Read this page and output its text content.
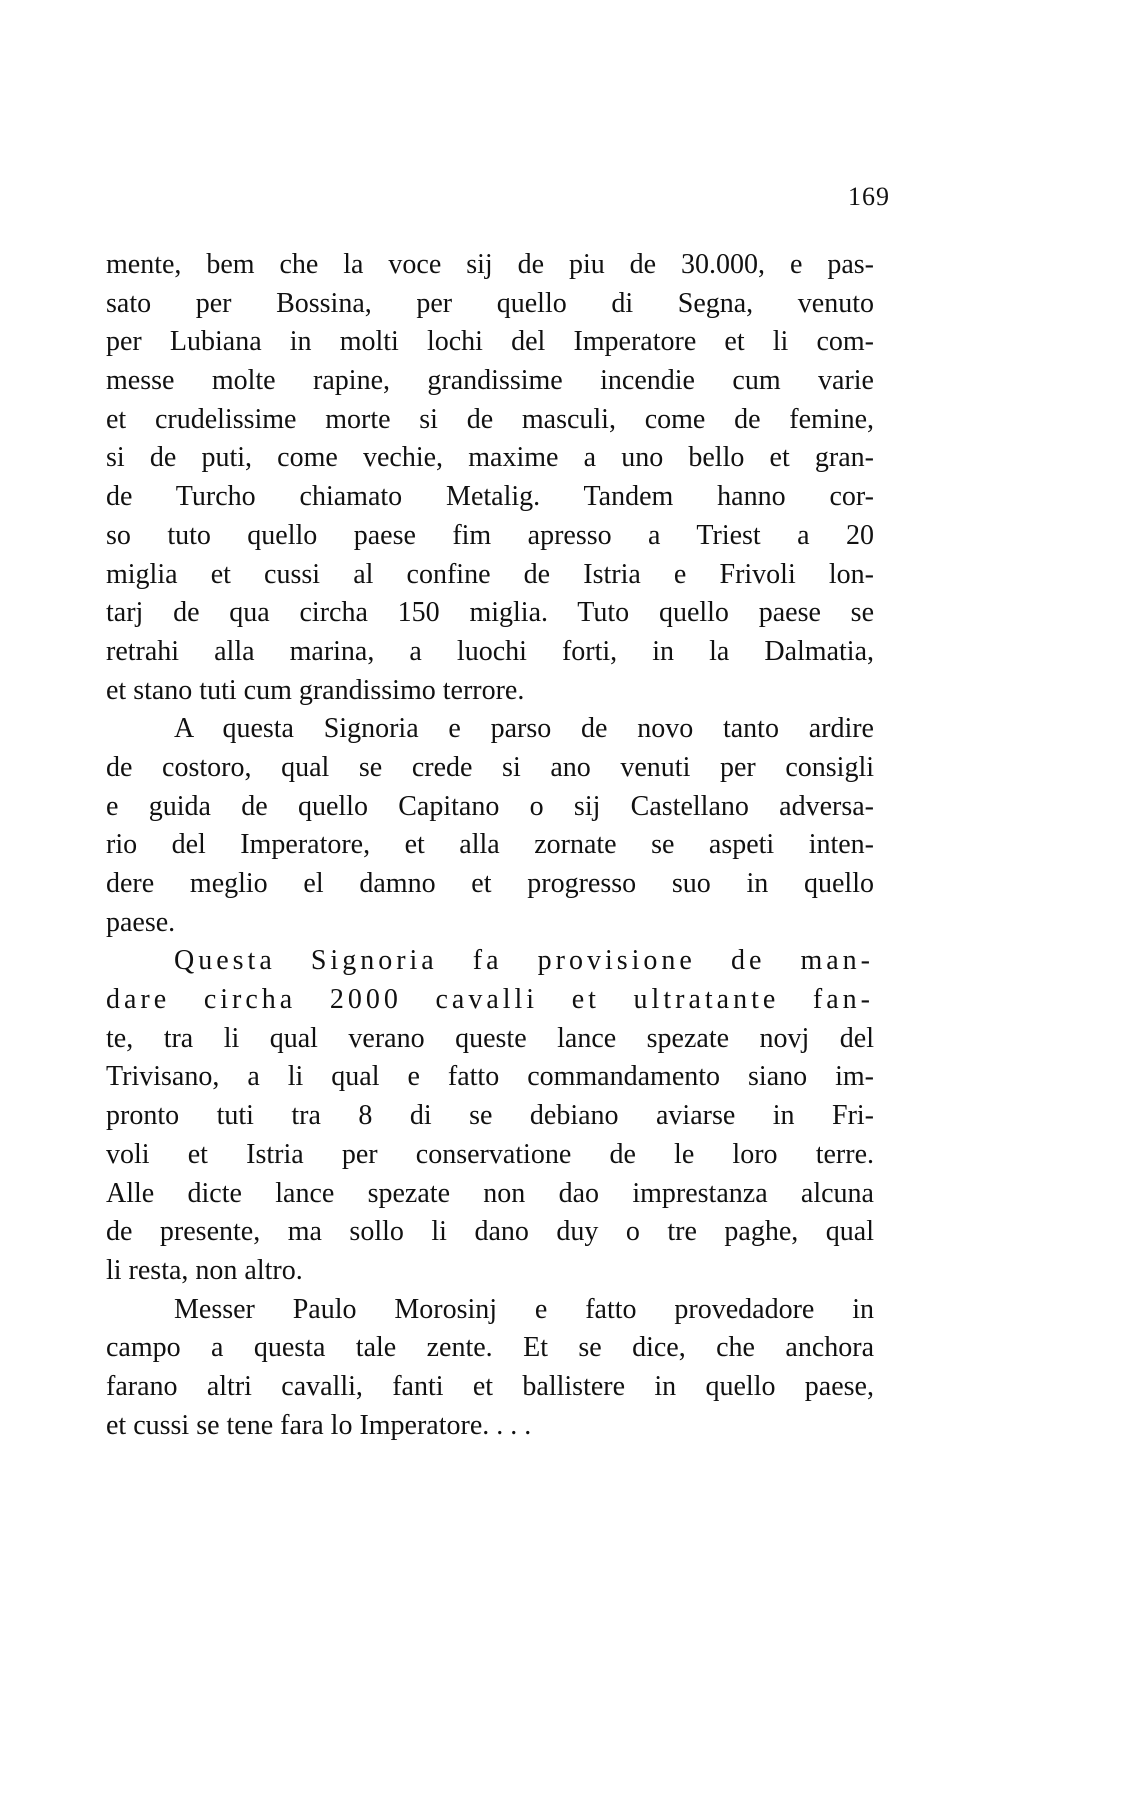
169
mente, bem che la voce sij de piu de 30.000, e pas-
sato per Bossina, per quello di Segna, venuto
per Lubiana in molti lochi del Imperatore et li com-
messe molte rapine, grandissime incendie cum varie
et crudelissime morte si de masculi, come de femine,
si de puti, come vechie, maxime a uno bello et gran-
de Turcho chiamato Metalig. Tandem hanno cor-
so tuto quello paese fim apresso a Triest a 20
miglia et cussi al confine de Istria e Frivoli lon-
tarj de qua circha 150 miglia. Tuto quello paese se
retrahi alla marina, a luochi forti, in la Dalmatia,
et stano tuti cum grandissimo terrore.
A questa Signoria e parso de novo tanto ardire
de costoro, qual se crede si ano venuti per consigli
e guida de quello Capitano o sij Castellano adversa-
rio del Imperatore, et alla zornate se aspeti inten-
dere meglio el damno et progresso suo in quello
paese.
Questa Signoria fa provisione de man-
dare circha 2000 cavalli et ultratante fan-
te, tra li qual verano queste lance spezate novj del
Trivisano, a li qual e fatto commandamento siano im-
pronto tuti tra 8 di se debiano aviarse in Fri-
voli et Istria per conservatione de le loro terre.
Alle dicte lance spezate non dao imprestanza alcuna
de presente, ma sollo li dano duy o tre paghe, qual
li resta, non altro.
Messer Paulo Morosinj e fatto provedadore in
campo a questa tale zente. Et se dice, che anchora
farano altri cavalli, fanti et ballistere in quello paese,
et cussi se tene fara lo Imperatore. . . .
